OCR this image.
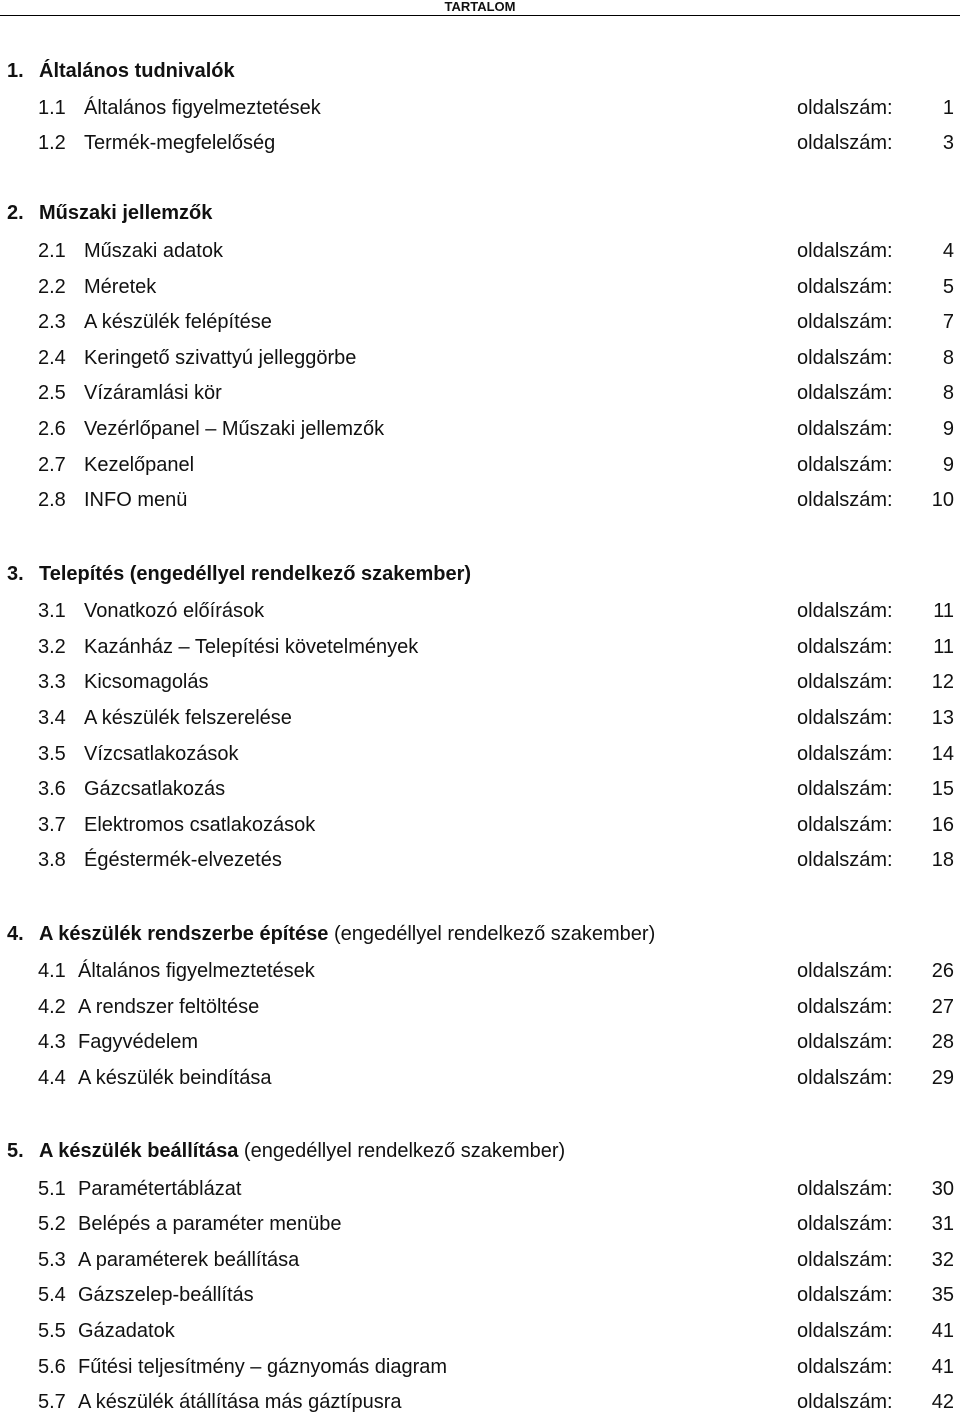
TARTALOM
1. Általános tudnivalók
1.1 Általános figyelmeztetések	oldalszám:	1
1.2 Termék-megfelelőség	oldalszám:	3
2. Műszaki jellemzők
2.1 Műszaki adatok	oldalszám:	4
2.2 Méretek	oldalszám:	5
2.3 A készülék felépítése	oldalszám:	7
2.4 Keringető szivattyú jelleggörbe	oldalszám:	8
2.5 Vízáramlási kör	oldalszám:	8
2.6 Vezérlőpanel – Műszaki jellemzők	oldalszám:	9
2.7 Kezelőpanel	oldalszám:	9
2.8 INFO menü	oldalszám: 10
3. Telepítés (engedéllyel rendelkező szakember)
3.1 Vonatkozó előírások	oldalszám: 11
3.2 Kazánház – Telepítési követelmények	oldalszám: 11
3.3 Kicsomagolás	oldalszám: 12
3.4 A készülék felszerelése	oldalszám: 13
3.5 Vízcsatlakozások	oldalszám: 14
3.6 Gázcsatlakozás	oldalszám: 15
3.7 Elektromos csatlakozások	oldalszám: 16
3.8 Égéstermék-elvezetés	oldalszám: 18
4. A készülék rendszerbe építése (engedéllyel rendelkező szakember)
4.1 Általános figyelmeztetések	oldalszám: 26
4.2 A rendszer feltöltése	oldalszám: 27
4.3 Fagyvédelem	oldalszám: 28
4.4 A készülék beindítása	oldalszám: 29
5. A készülék beállítása (engedéllyel rendelkező szakember)
5.1 Paramétertáblázat	oldalszám: 30
5.2 Belépés a paraméter menübe	oldalszám: 31
5.3 A paraméterek beállítása	oldalszám: 32
5.4 Gázszelep-beállítás	oldalszám: 35
5.5 Gázadatok	oldalszám: 41
5.6 Fűtési teljesítmény – gáznyomás diagram	oldalszám: 41
5.7 A készülék átállítása más gáztípusra	oldalszám: 42
